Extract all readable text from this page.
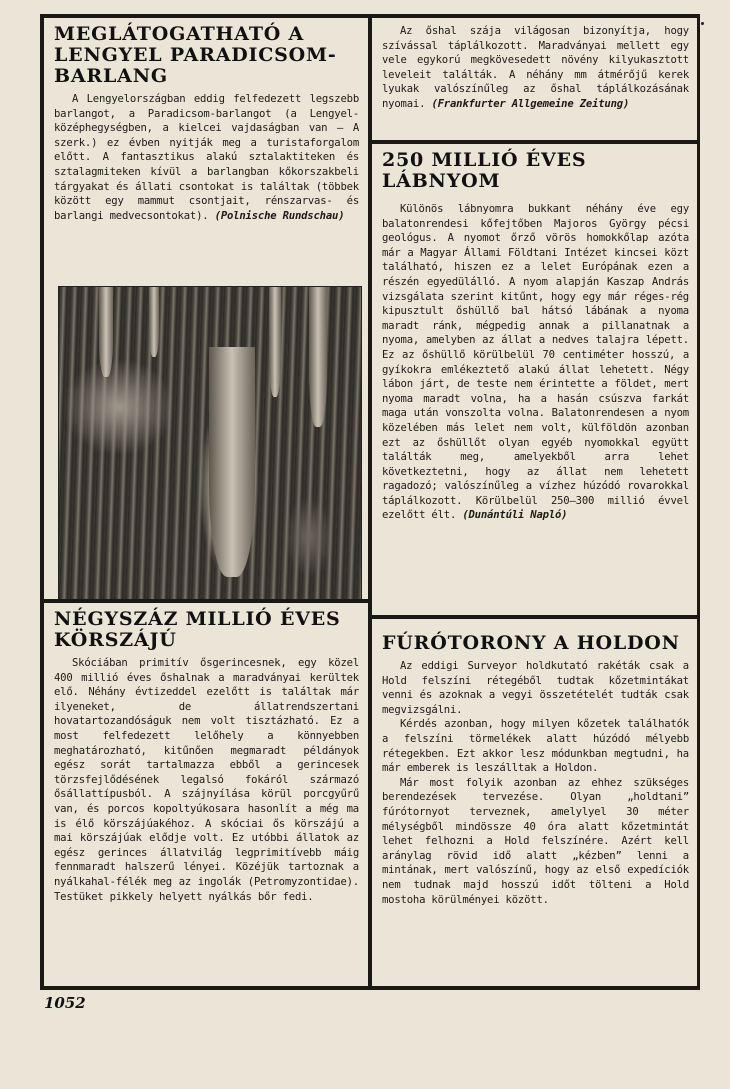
MEGLÁTOGATHATÓ A LENGYEL PARADICSOM-BARLANG

A Lengyelországban eddig felfedezett legszebb barlangot, a Paradicsom-barlangot (a Lengyel-középhegységben, a kielcei vajdaságban van — A szerk.) ez évben nyitják meg a turistaforgalom előtt. A fantasztikus alakú sztalaktiteken és sztalagmiteken kívül a barlangban kőkorszakbeli tárgyakat és állati csontokat is találtak (többek között egy mammut csontjait, rénszarvas- és barlangi medvecsontokat). (Polnische Rundschau)

Az őshal szája világosan bizonyítja, hogy szívással táplálkozott. Maradványai mellett egy vele egykorú megkövesedett növény kilyukasztott leveleit találták. A néhány mm átmérőjű kerek lyukak valószínűleg az őshal táplálkozásának nyomai. (Frankfurter Allgemeine Zeitung)

250 MILLIÓ ÉVES LÁBNYOM

Különös lábnyomra bukkant néhány éve egy balatonrendesi kőfejtőben Majoros György pécsi geológus. A nyomot őrző vörös homokkőlap azóta már a Magyar Állami Földtani Intézet kincsei közt található, hiszen ez a lelet Európának ezen a részén egyedülálló. A nyom alapján Kaszap András vizsgálata szerint kitűnt, hogy egy már réges-rég kipusztult őshüllő bal hátsó lábának a nyoma maradt ránk, mégpedig annak a pillanatnak a nyoma, amelyben az állat a nedves talajra lépett. Ez az őshüllő körülbelül 70 centiméter hosszú, a gyíkokra emlékeztető alakú állat lehetett. Négy lábon járt, de teste nem érintette a földet, mert nyoma maradt volna, ha a hasán csúszva farkát maga után vonszolta volna. Balatonrendesen a nyom közelében más lelet nem volt, külföldön azonban ezt az őshüllőt olyan egyéb nyomokkal együtt találták meg, amelyekből arra lehet következtetni, hogy az állat nem lehetett ragadozó; valószínűleg a vízhez húzódó rovarokkal táplálkozott. Körülbelül 250—300 millió évvel ezelőtt élt. (Dunántúli Napló)

NÉGYSZÁZ MILLIÓ ÉVES KÖRSZÁJÚ

Skóciában primitív ősgerincesnek, egy közel 400 millió éves őshalnak a maradványai kerültek elő. Néhány évtizeddel ezelőtt is találtak már ilyeneket, de állatrendszertani hovatartozandóságuk nem volt tisztázható. Ez a most felfedezett lelőhely a könnyebben meghatározható, kitűnően megmaradt példányok egész sorát tartalmazza ebből a gerincesek törzsfejlődésének legalsó fokáról származó ősállattípusból. A szájnyílása körül porcgyűrű van, és porcos kopoltyúkosara hasonlít a még ma is élő körszájúakéhoz. A skóciai ős körszájú a mai körszájúak elődje volt. Ez utóbbi állatok az egész gerinces állatvilág legprimitívebb máig fennmaradt halszerű lényei. Közéjük tartoznak a nyálkahal-félék meg az ingolák (Petromyzontidae). Testüket pikkely helyett nyálkás bőr fedi.

FÚRÓTORONY A HOLDON

Az eddigi Surveyor holdkutató rakéták csak a Hold felszíni rétegéből tudtak kőzetmintákat venni és azoknak a vegyi összetételét tudták csak megvizsgálni.

Kérdés azonban, hogy milyen kőzetek találhatók a felszíni törmelékek alatt húzódó mélyebb rétegekben. Ezt akkor lesz módunkban megtudni, ha már emberek is leszálltak a Holdon.

Már most folyik azonban az ehhez szükséges berendezések tervezése. Olyan „holdtani” fúrótornyot terveznek, amelylyel 30 méter mélységből mindössze 40 óra alatt kőzetmintát lehet felhozni a Hold felszínére. Azért kell aránylag rövid idő alatt „kézben” lenni a mintának, mert valószínű, hogy az első expedíciók nem tudnak majd hosszú időt tölteni a Hold mostoha körülményei között.

1052
